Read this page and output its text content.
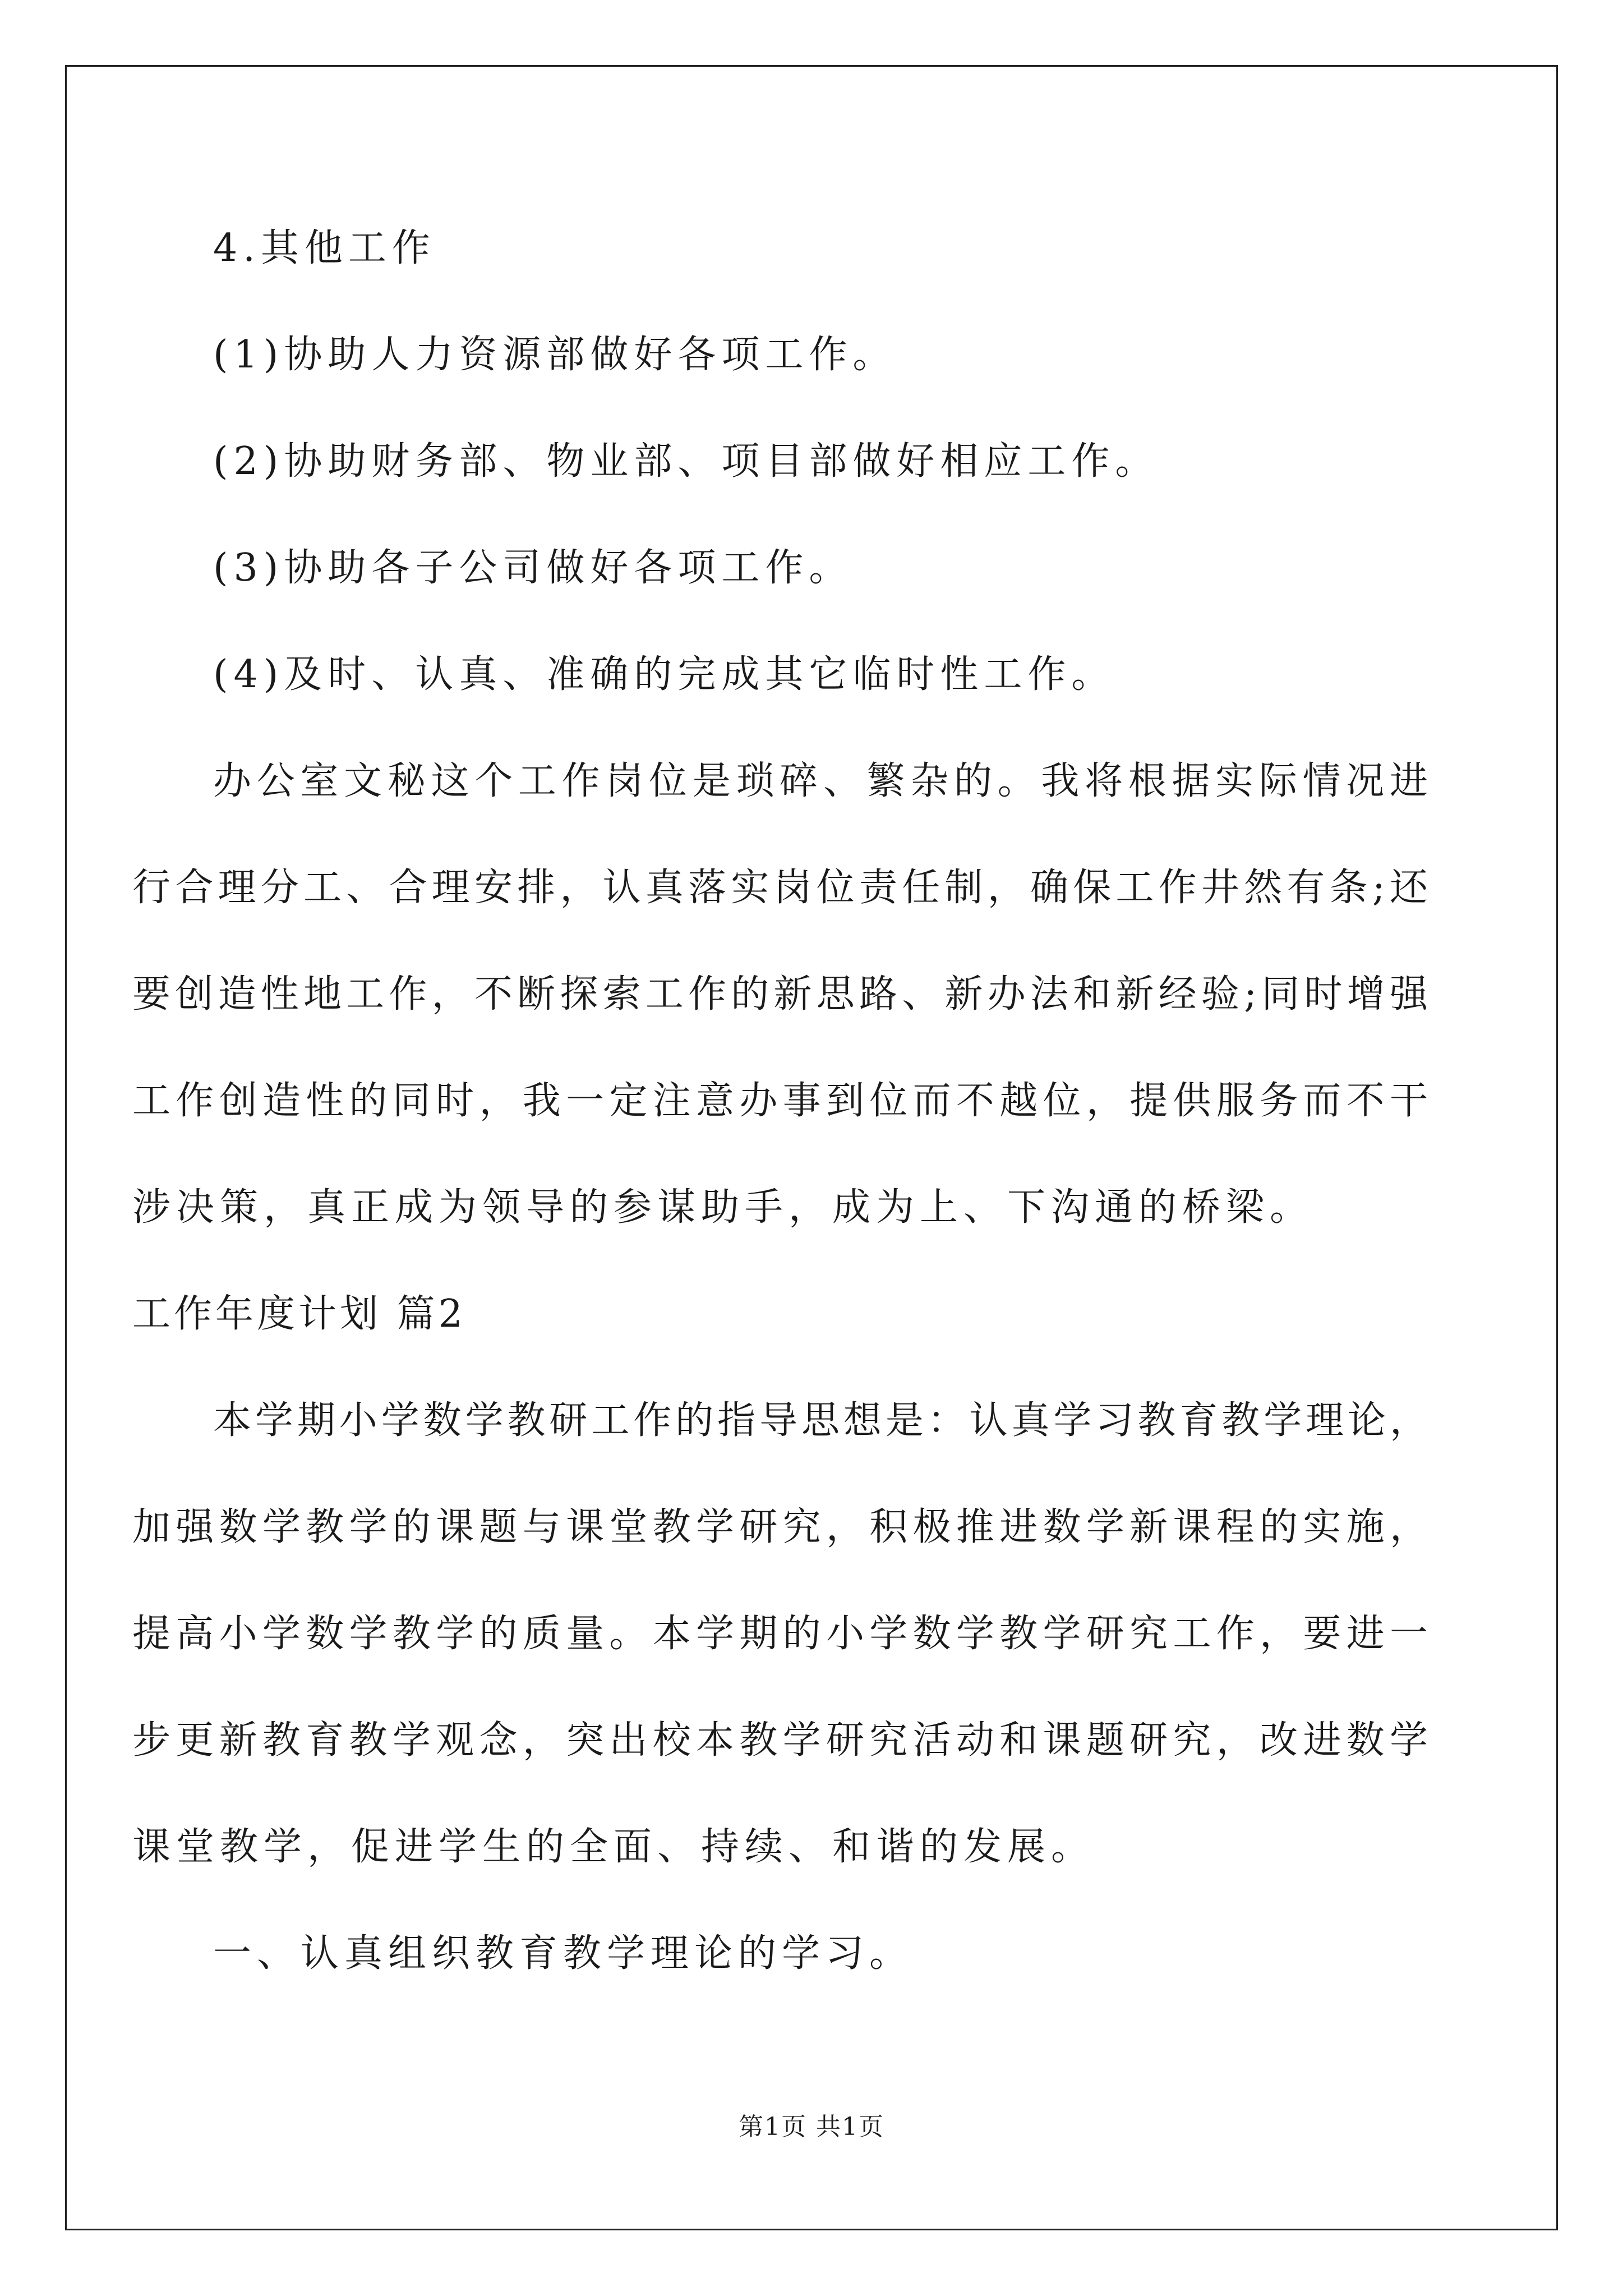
4.其他工作
(1)协助人力资源部做好各项工作。
(2)协助财务部、物业部、项目部做好相应工作。
(3)协助各子公司做好各项工作。
(4)及时、认真、准确的完成其它临时性工作。
办公室文秘这个工作岗位是琐碎、繁杂的。我将根据实际情况进
行合理分工、合理安排，认真落实岗位责任制，确保工作井然有条;还
要创造性地工作，不断探索工作的新思路、新办法和新经验;同时增强
工作创造性的同时，我一定注意办事到位而不越位，提供服务而不干
涉决策，真正成为领导的参谋助手，成为上、下沟通的桥梁。
工作年度计划 篇2
本学期小学数学教研工作的指导思想是：认真学习教育教学理论，
加强数学教学的课题与课堂教学研究，积极推进数学新课程的实施，
提高小学数学教学的质量。本学期的小学数学教学研究工作，要进一
步更新教育教学观念，突出校本教学研究活动和课题研究，改进数学
课堂教学，促进学生的全面、持续、和谐的发展。
一、认真组织教育教学理论的学习。
第1页 共1页
